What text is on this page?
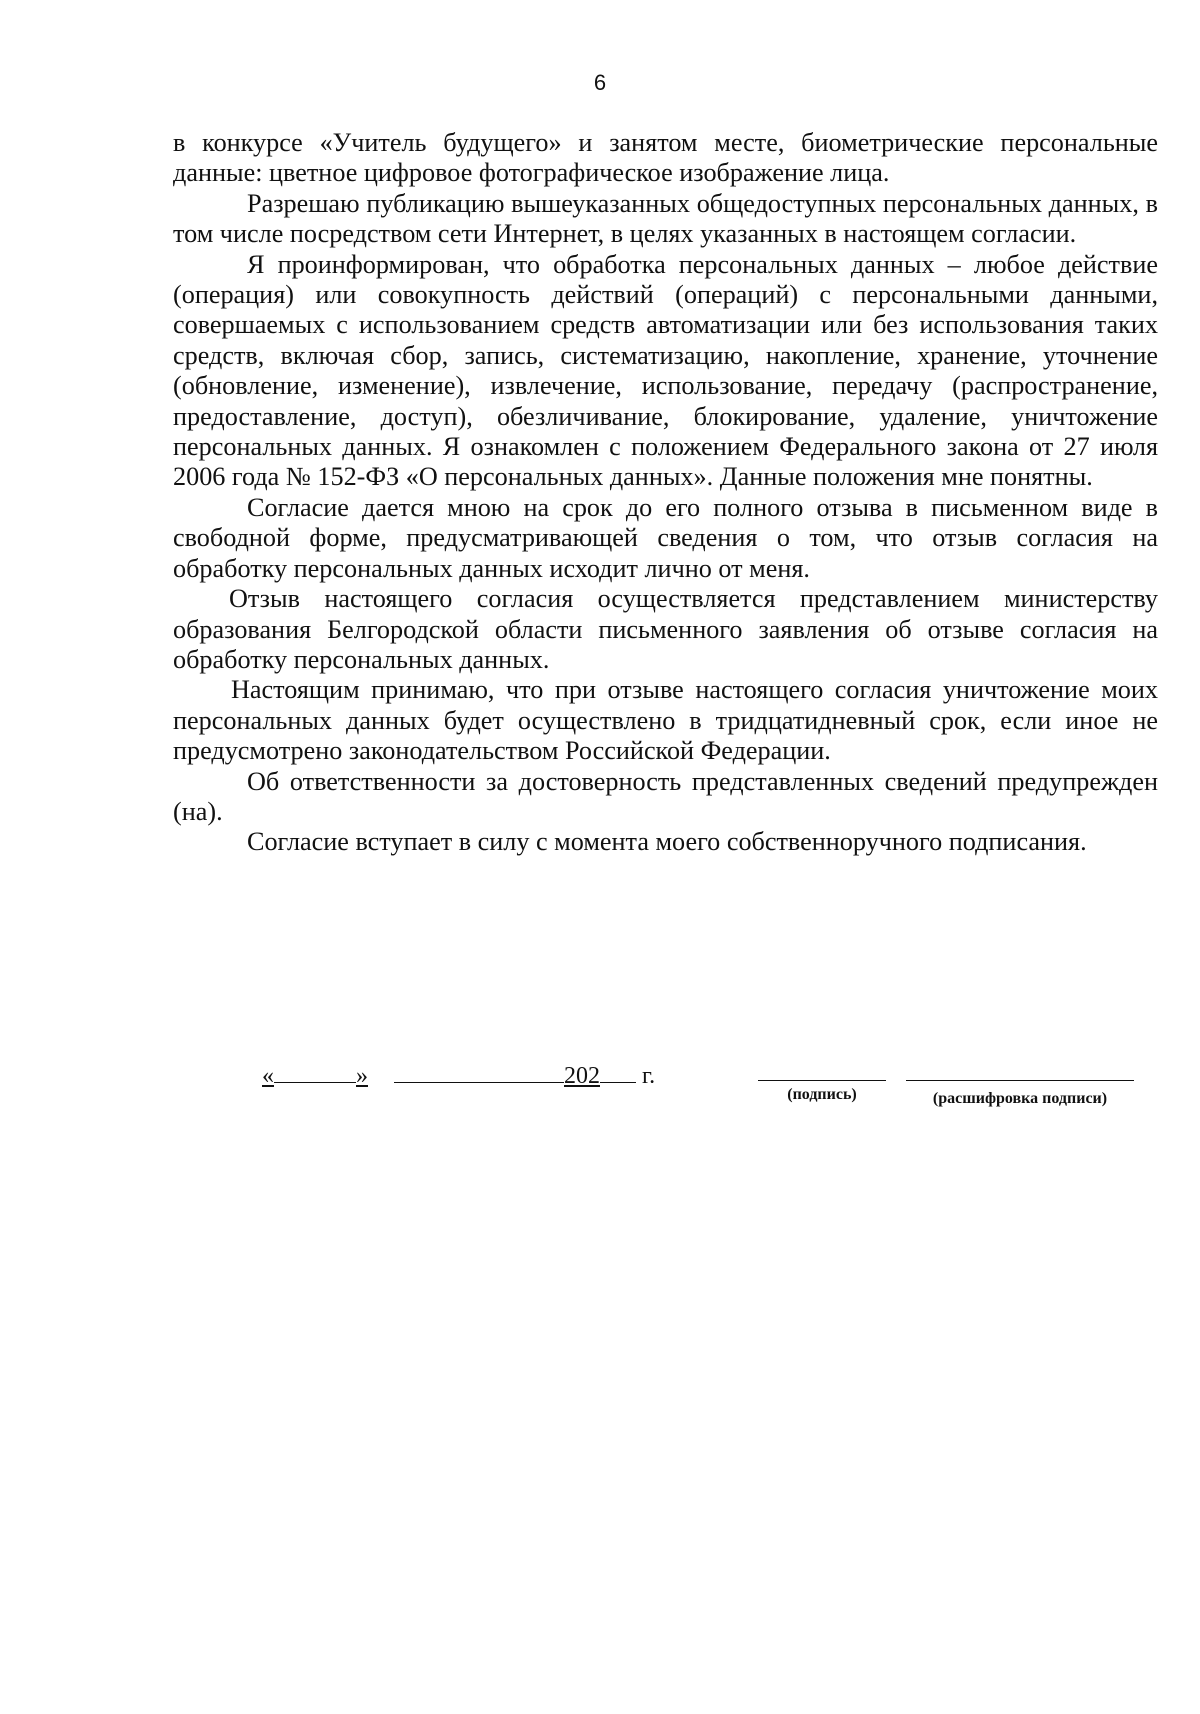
6

в конкурсе «Учитель будущего» и занятом месте, биометрические персональные данные: цветное цифровое фотографическое изображение лица.

Разрешаю публикацию вышеуказанных общедоступных персональных данных, в том числе посредством сети Интернет, в целях указанных в настоящем согласии.

Я проинформирован, что обработка персональных данных – любое действие (операция) или совокупность действий (операций) с персональными данными, совершаемых с использованием средств автоматизации или без использования таких средств, включая сбор, запись, систематизацию, накопление, хранение, уточнение (обновление, изменение), извлечение, использование, передачу (распространение, предоставление, доступ), обезличивание, блокирование, удаление, уничтожение персональных данных. Я ознакомлен с положением Федерального закона от 27 июля 2006 года № 152-ФЗ «О персональных данных». Данные положения мне понятны.

Согласие дается мною на срок до его полного отзыва в письменном виде в свободной форме, предусматривающей сведения о том, что отзыв согласия на обработку персональных данных исходит лично от меня.

Отзыв настоящего согласия осуществляется представлением министерству образования Белгородской области письменного заявления об отзыве согласия на обработку персональных данных.

Настоящим принимаю, что при отзыве настоящего согласия уничтожение моих персональных данных будет осуществлено в тридцатидневный срок, если иное не предусмотрено законодательством Российской Федерации.

Об ответственности за достоверность представленных сведений предупрежден (на).

Согласие вступает в силу с момента моего собственноручного подписания.

«	»	202 г.
(подпись)	(расшифровка подписи)
